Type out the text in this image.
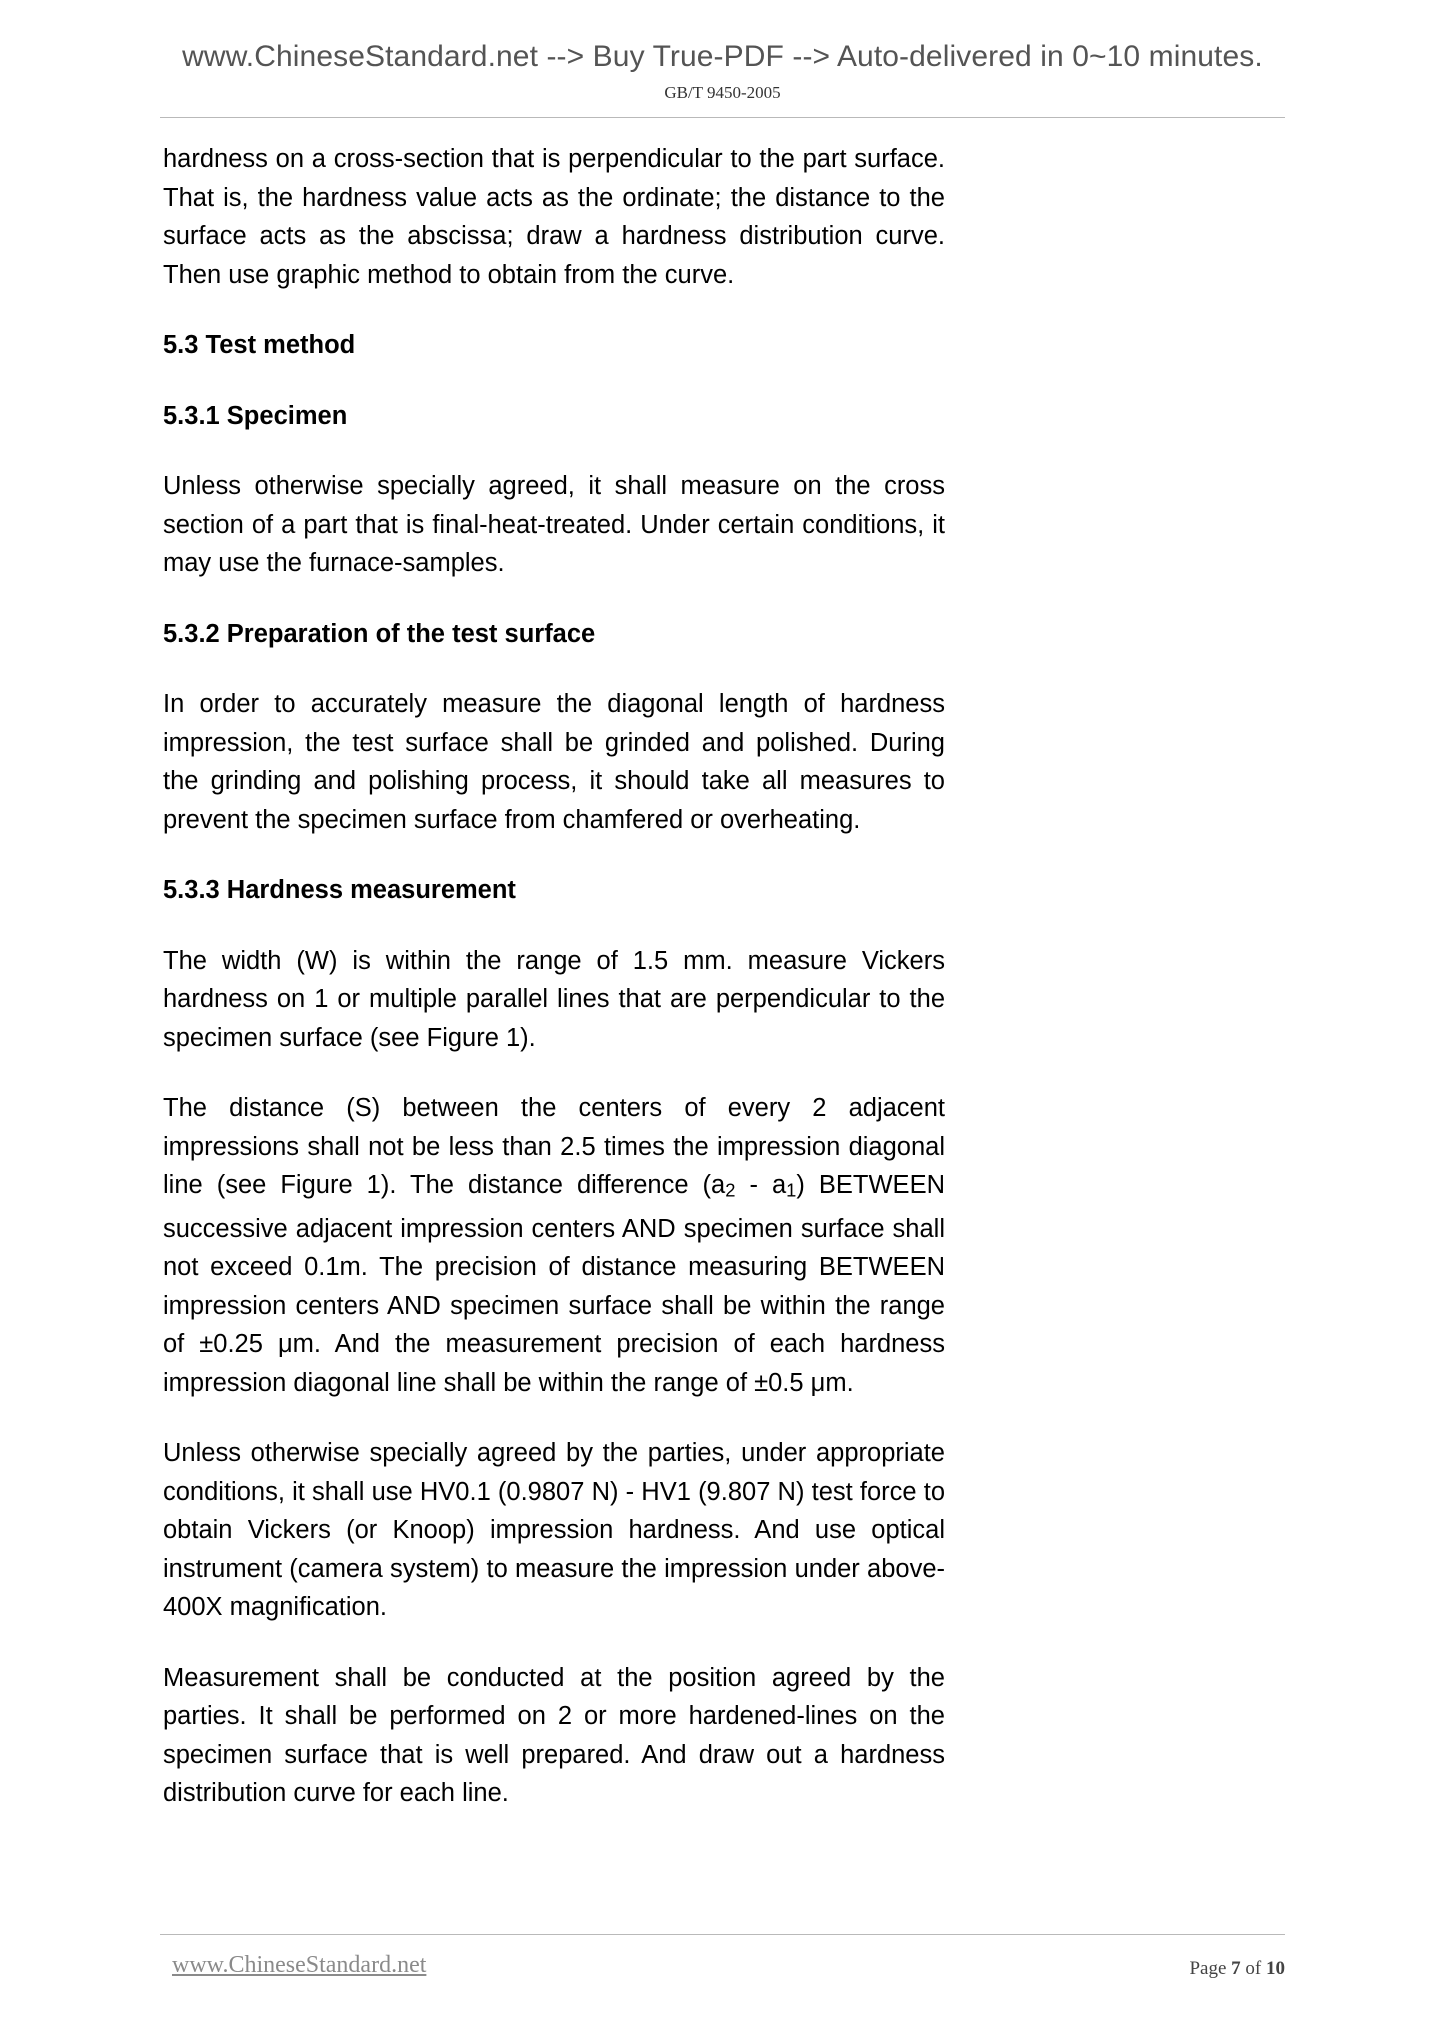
www.ChineseStandard.net --> Buy True-PDF --> Auto-delivered in 0~10 minutes.
GB/T 9450-2005

hardness on a cross-section that is perpendicular to the part surface. That is, the hardness value acts as the ordinate; the distance to the surface acts as the abscissa; draw a hardness distribution curve. Then use graphic method to obtain from the curve.

5.3 Test method
5.3.1 Specimen

Unless otherwise specially agreed, it shall measure on the cross section of a part that is final-heat-treated. Under certain conditions, it may use the furnace-samples.

5.3.2 Preparation of the test surface

In order to accurately measure the diagonal length of hardness impression, the test surface shall be grinded and polished. During the grinding and polishing process, it should take all measures to prevent the specimen surface from chamfered or overheating.

5.3.3 Hardness measurement

The width (W) is within the range of 1.5 mm. measure Vickers hardness on 1 or multiple parallel lines that are perpendicular to the specimen surface (see Figure 1).

The distance (S) between the centers of every 2 adjacent impressions shall not be less than 2.5 times the impression diagonal line (see Figure 1). The distance difference $(a_2 - a_1)$ BETWEEN successive adjacent impression centers AND specimen surface shall not exceed 0.1m. The precision of distance measuring BETWEEN impression centers AND specimen surface shall be within the range of ±0.25 μm. And the measurement precision of each hardness impression diagonal line shall be within the range of ±0.5 μm.

Unless otherwise specially agreed by the parties, under appropriate conditions, it shall use HV0.1 (0.9807 N) - HV1 (9.807 N) test force to obtain Vickers (or Knoop) impression hardness. And use optical instrument (camera system) to measure the impression under above-400X magnification.

Measurement shall be conducted at the position agreed by the parties. It shall be performed on 2 or more hardened-lines on the specimen surface that is well prepared. And draw out a hardness distribution curve for each line.

www.ChineseStandard.net	Page 7 of 10
